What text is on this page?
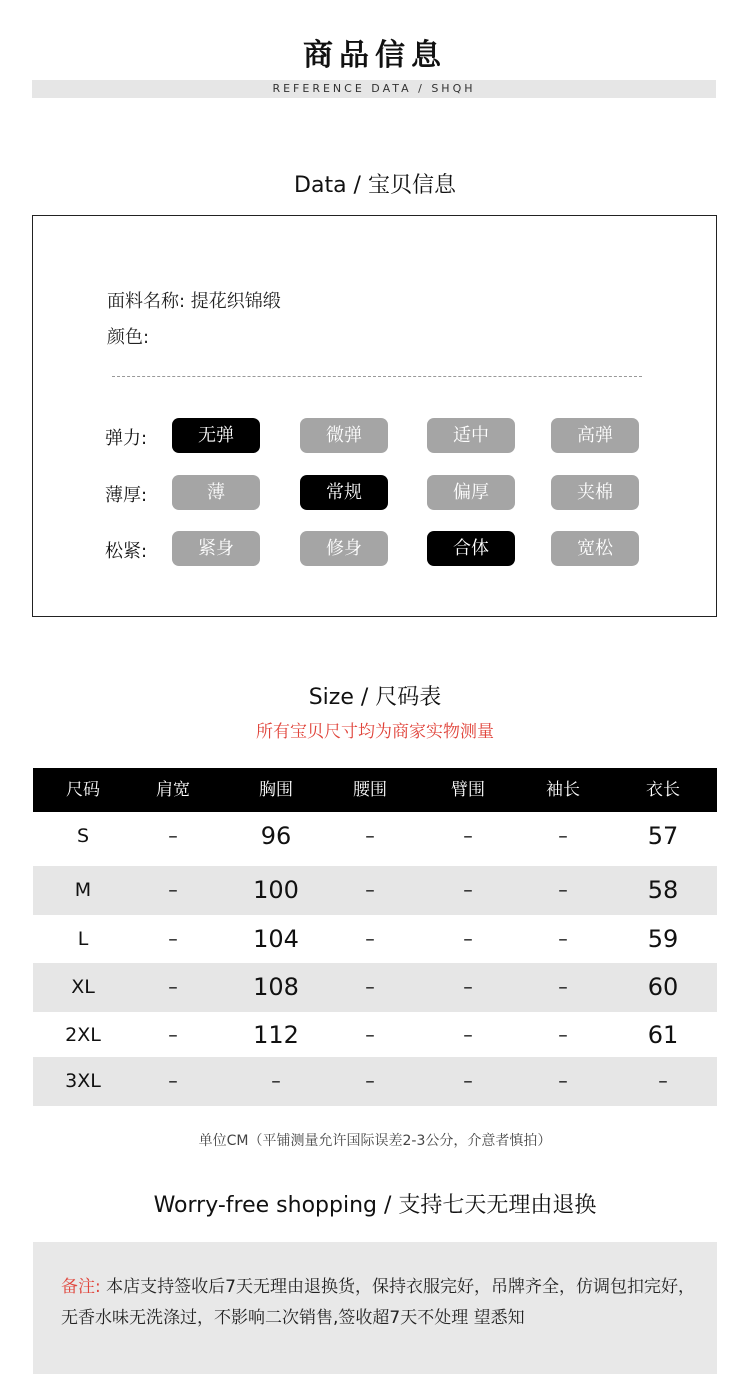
商品信息
REFERENCE DATA / SHQH
Data / 宝贝信息
面料名称: 提花织锦缎
颜色:
弹力:	无弹	微弹	适中	高弹
薄厚:	薄	常规	偏厚	夹棉
松紧:	紧身	修身	合体	宽松
Size / 尺码表
所有宝贝尺寸均为商家实物测量
尺码	肩宽	胸围	腰围	臂围	袖长	衣长
S	–	96	–	–	–	57
M	–	100	–	–	–	58
L	–	104	–	–	–	59
XL	–	108	–	–	–	60
2XL	–	112	–	–	–	61
3XL	–	–	–	–	–	–
单位CM（平铺测量允许国际误差2-3公分，介意者慎拍）
Worry-free shopping / 支持七天无理由退换
备注: 本店支持签收后7天无理由退换货，保持衣服完好，吊牌齐全，仿调包扣完好，无香水味无洗涤过，不影响二次销售,签收超7天不处理 望悉知
